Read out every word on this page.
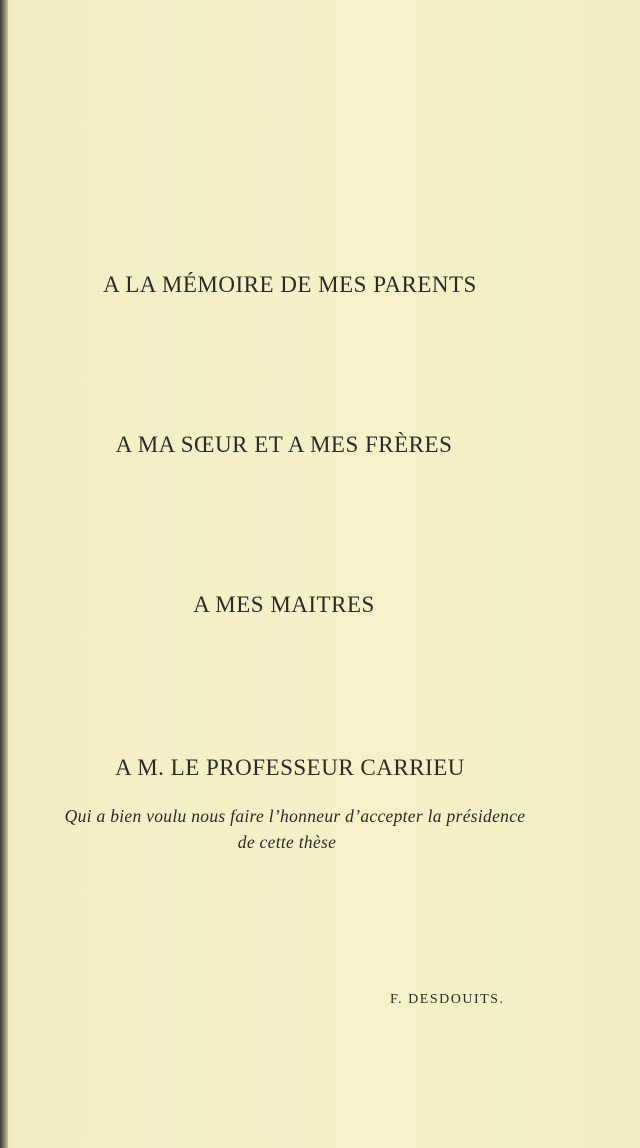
A LA MÉMOIRE DE MES PARENTS
A MA SŒUR ET A MES FRÈRES
A MES MAITRES
A M. LE PROFESSEUR CARRIEU
Qui a bien voulu nous faire l’honneur d’accepter la présidence
de cette thèse
F. DESDOUITS.
